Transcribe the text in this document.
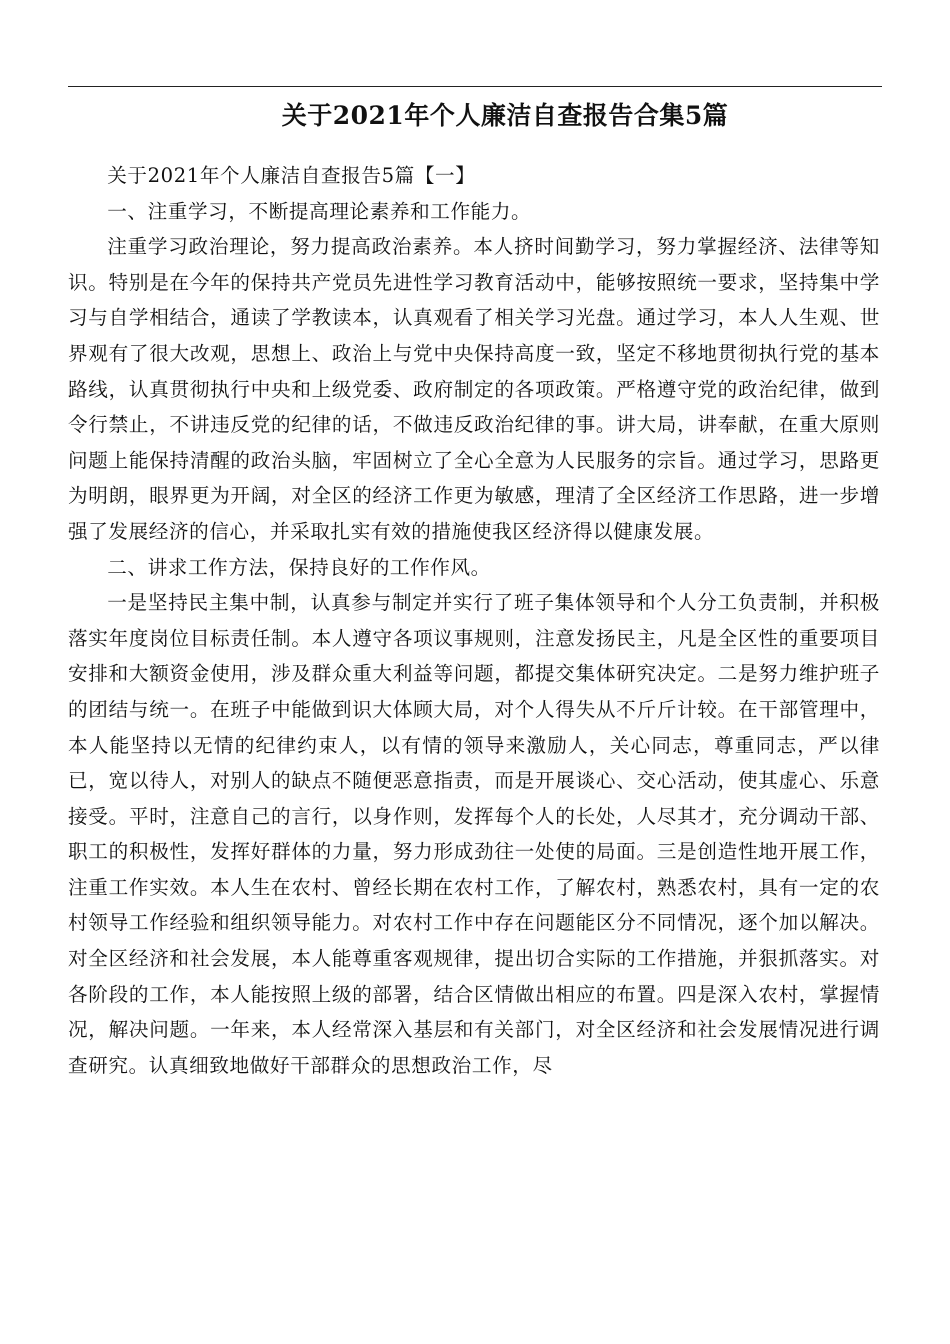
关于2021年个人廉洁自查报告合集5篇

关于2021年个人廉洁自查报告5篇【一】

一、注重学习，不断提高理论素养和工作能力。

注重学习政治理论，努力提高政治素养。本人挤时间勤学习，努力掌握经济、法律等知识。特别是在今年的保持共产党员先进性学习教育活动中，能够按照统一要求，坚持集中学习与自学相结合，通读了学教读本，认真观看了相关学习光盘。通过学习，本人人生观、世界观有了很大改观，思想上、政治上与党中央保持高度一致，坚定不移地贯彻执行党的基本路线，认真贯彻执行中央和上级党委、政府制定的各项政策。严格遵守党的政治纪律，做到令行禁止，不讲违反党的纪律的话，不做违反政治纪律的事。讲大局，讲奉献，在重大原则问题上能保持清醒的政治头脑，牢固树立了全心全意为人民服务的宗旨。通过学习，思路更为明朗，眼界更为开阔，对全区的经济工作更为敏感，理清了全区经济工作思路，进一步增强了发展经济的信心，并采取扎实有效的措施使我区经济得以健康发展。

二、讲求工作方法，保持良好的工作作风。

一是坚持民主集中制，认真参与制定并实行了班子集体领导和个人分工负责制，并积极落实年度岗位目标责任制。本人遵守各项议事规则，注意发扬民主，凡是全区性的重要项目安排和大额资金使用，涉及群众重大利益等问题，都提交集体研究决定。二是努力维护班子的团结与统一。在班子中能做到识大体顾大局，对个人得失从不斤斤计较。在干部管理中，本人能坚持以无情的纪律约束人，以有情的领导来激励人，关心同志，尊重同志，严以律已，宽以待人，对别人的缺点不随便恶意指责，而是开展谈心、交心活动，使其虚心、乐意接受。平时，注意自己的言行，以身作则，发挥每个人的长处，人尽其才，充分调动干部、职工的积极性，发挥好群体的力量，努力形成劲往一处使的局面。三是创造性地开展工作，注重工作实效。本人生在农村、曾经长期在农村工作，了解农村，熟悉农村，具有一定的农村领导工作经验和组织领导能力。对农村工作中存在问题能区分不同情况，逐个加以解决。对全区经济和社会发展，本人能尊重客观规律，提出切合实际的工作措施，并狠抓落实。对各阶段的工作，本人能按照上级的部署，结合区情做出相应的布置。四是深入农村，掌握情况，解决问题。一年来，本人经常深入基层和有关部门，对全区经济和社会发展情况进行调查研究。认真细致地做好干部群众的思想政治工作，尽
